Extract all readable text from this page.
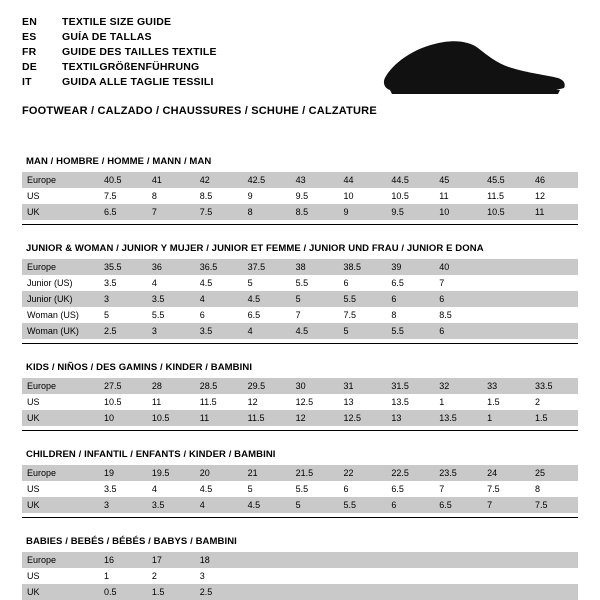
EN	TEXTILE SIZE GUIDE
ES	GUÍA DE TALLAS
FR	GUIDE DES TAILLES TEXTILE
DE	TEXTILGRÖßENFÜHRUNG
IT	GUIDA ALLE TAGLIE TESSILI
FOOTWEAR / CALZADO / CHAUSSURES / SCHUHE / CALZATURE
MAN / HOMBRE / HOMME / MANN / MAN
Europe	40.5	41	42	42.5	43	44	44.5	45	45.5	46
US	7.5	8	8.5	9	9.5	10	10.5	11	11.5	12
UK	6.5	7	7.5	8	8.5	9	9.5	10	10.5	11
JUNIOR & WOMAN / JUNIOR Y MUJER / JUNIOR ET FEMME / JUNIOR UND FRAU / JUNIOR E DONA
Europe	35.5	36	36.5	37.5	38	38.5	39	40		
Junior (US)	3.5	4	4.5	5	5.5	6	6.5	7		
Junior (UK)	3	3.5	4	4.5	5	5.5	6	6		
Woman (US)	5	5.5	6	6.5	7	7.5	8	8.5		
Woman (UK)	2.5	3	3.5	4	4.5	5	5.5	6		
KIDS / NIÑOS / DES GAMINS / KINDER / BAMBINI
Europe	27.5	28	28.5	29.5	30	31	31.5	32	33	33.5
US	10.5	11	11.5	12	12.5	13	13.5	1	1.5	2
UK	10	10.5	11	11.5	12	12.5	13	13.5	1	1.5
CHILDREN / INFANTIL / ENFANTS / KINDER / BAMBINI
Europe	19	19.5	20	21	21.5	22	22.5	23.5	24	25
US	3.5	4	4.5	5	5.5	6	6.5	7	7.5	8
UK	3	3.5	4	4.5	5	5.5	6	6.5	7	7.5
BABIES / BEBÉS / BÉBÉS / BABYS / BAMBINI
Europe	16	17	18							
US	1	2	3							
UK	0.5	1.5	2.5							
